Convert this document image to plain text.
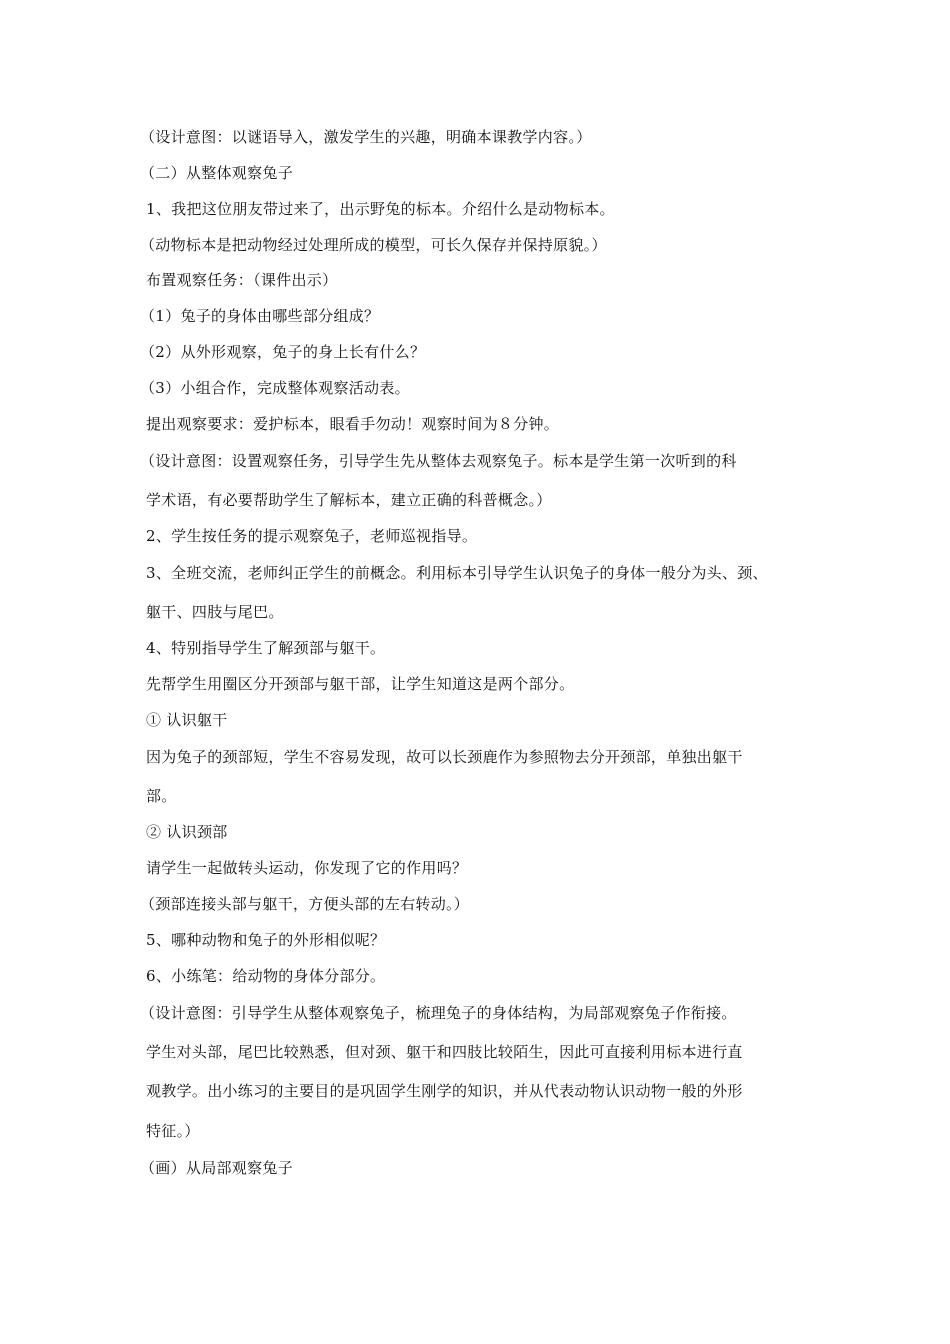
（设计意图：以谜语导入，激发学生的兴趣，明确本课教学内容。）
（二）从整体观察兔子
1、我把这位朋友带过来了，出示野兔的标本。介绍什么是动物标本。
（动物标本是把动物经过处理所成的模型，可长久保存并保持原貌。）
布置观察任务：（课件出示）
（1）兔子的身体由哪些部分组成？
（2）从外形观察，兔子的身上长有什么？
（3）小组合作，完成整体观察活动表。
提出观察要求：爱护标本，眼看手勿动！观察时间为８分钟。
（设计意图：设置观察任务，引导学生先从整体去观察兔子。标本是学生第一次听到的科
学术语，有必要帮助学生了解标本，建立正确的科普概念。）
2、学生按任务的提示观察兔子，老师巡视指导。
3、全班交流，老师纠正学生的前概念。利用标本引导学生认识兔子的身体一般分为头、颈、
躯干、四肢与尾巴。
4、特别指导学生了解颈部与躯干。
先帮学生用圈区分开颈部与躯干部，让学生知道这是两个部分。
① 认识躯干
因为兔子的颈部短，学生不容易发现，故可以长颈鹿作为参照物去分开颈部，单独出躯干
部。
② 认识颈部
请学生一起做转头运动，你发现了它的作用吗？
（颈部连接头部与躯干，方便头部的左右转动。）
5、哪种动物和兔子的外形相似呢？
6、小练笔：给动物的身体分部分。
（设计意图：引导学生从整体观察兔子，梳理兔子的身体结构，为局部观察兔子作衔接。
学生对头部，尾巴比较熟悉，但对颈、躯干和四肢比较陌生，因此可直接利用标本进行直
观教学。出小练习的主要目的是巩固学生刚学的知识，并从代表动物认识动物一般的外形
特征。）
（画）从局部观察兔子
